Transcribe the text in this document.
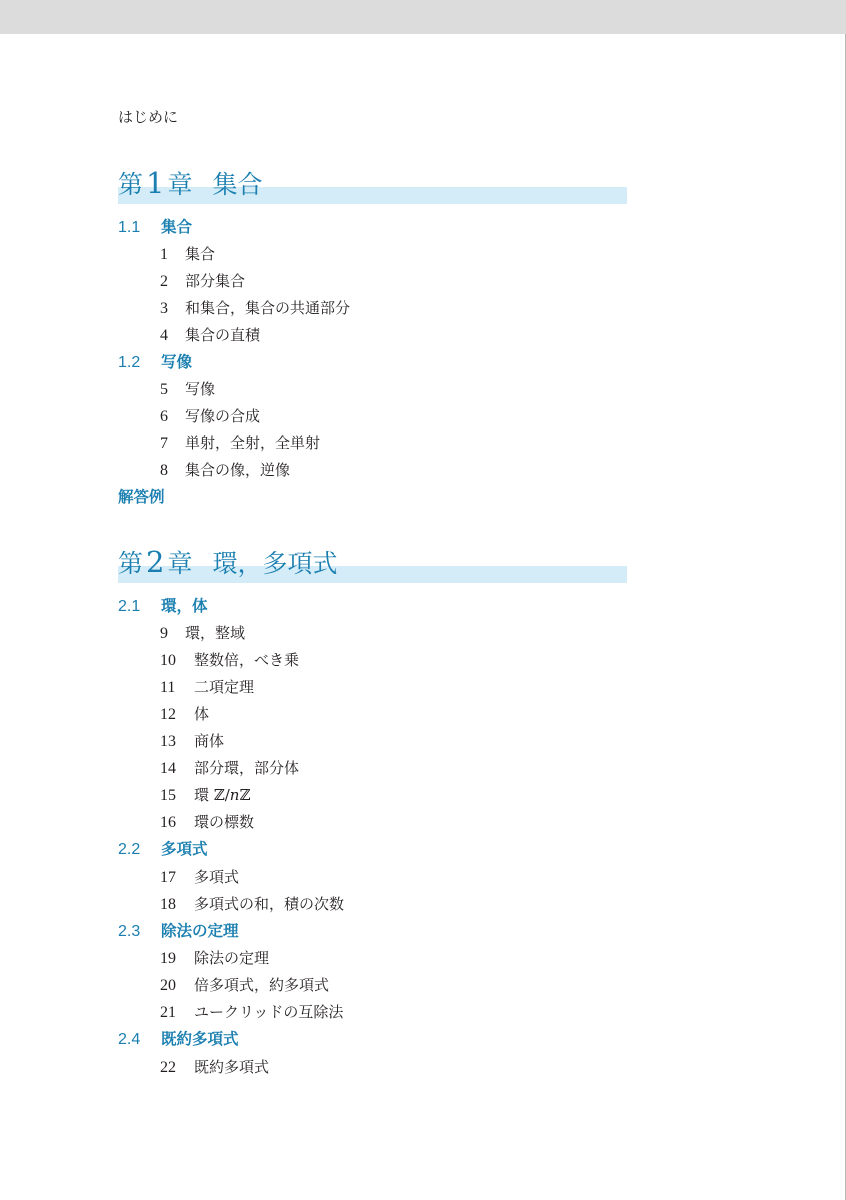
はじめに
第 1 章 集合
1.1 集合
1 集合
2 部分集合
3 和集合，集合の共通部分
4 集合の直積
1.2 写像
5 写像
6 写像の合成
7 単射，全射，全単射
8 集合の像，逆像
解答例
第 2 章 環，多項式
2.1 環，体
9 環，整域
10 整数倍，べき乗
11 二項定理
12 体
13 商体
14 部分環，部分体
15 環 ℤ/𝑛ℤ
16 環の標数
2.2 多項式
17 多項式
18 多項式の和，積の次数
2.3 除法の定理
19 除法の定理
20 倍多項式，約多項式
21 ユークリッドの互除法
2.4 既約多項式
22 既約多項式
